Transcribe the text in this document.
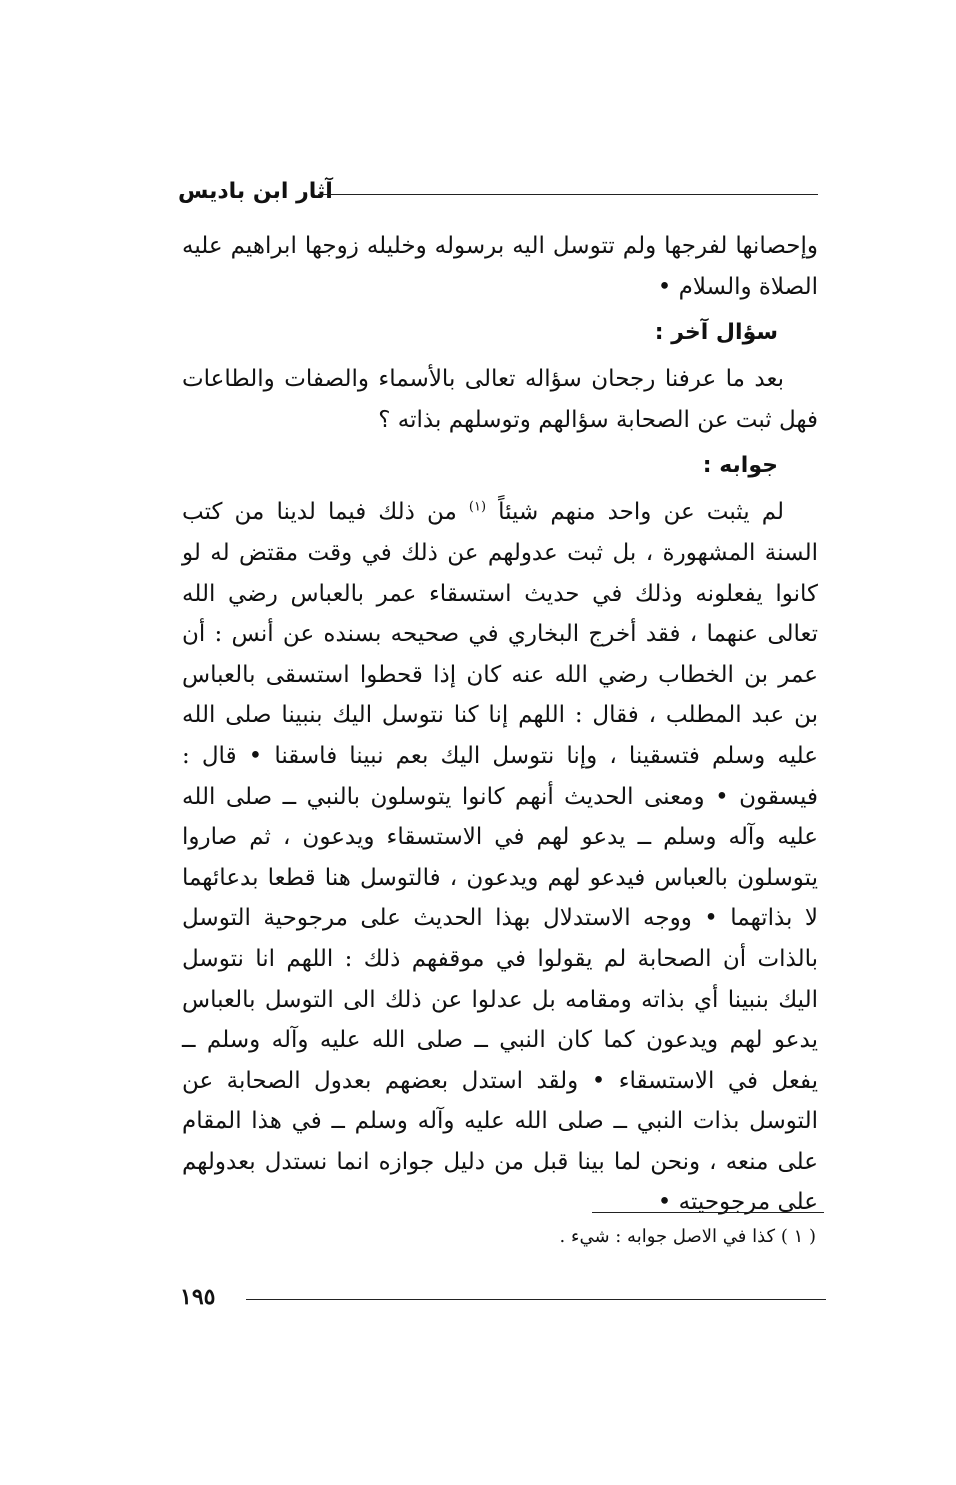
آثار ابن باديس

وإحصانها لفرجها ولم تتوسل اليه برسوله وخليله زوجها ابراهيم عليه الصلاة والسلام •

سؤال آخر :

بعد ما عرفنا رجحان سؤاله تعالى بالأسماء والصفات والطاعات فهل ثبت عن الصحابة سؤالهم وتوسلهم بذاته ؟

جوابه :

لم يثبت عن واحد منهم شيئاً $^{(١)}$ من ذلك فيما لدينا من كتب السنة المشهورة ، بل ثبت عدولهم عن ذلك في وقت مقتض له لو كانوا يفعلونه وذلك في حديث استسقاء عمر بالعباس رضي الله تعالى عنهما ، فقد أخرج البخاري في صحيحه بسنده عن أنس : أن عمر بن الخطاب رضي الله عنه كان إذا قحطوا استسقى بالعباس بن عبد المطلب ، فقال : اللهم إنا كنا نتوسل اليك بنبينا صلى الله عليه وسلم فتسقينا ، وإنا نتوسل اليك بعم نبينا فاسقنا • قال : فيسقون • ومعنى الحديث أنهم كانوا يتوسلون بالنبي ــ صلى الله عليه وآله وسلم ــ يدعو لهم في الاستسقاء ويدعون ، ثم صاروا يتوسلون بالعباس فيدعو لهم ويدعون ، فالتوسل هنا قطعا بدعائهما لا بذاتهما • ووجه الاستدلال بهذا الحديث على مرجوحية التوسل بالذات أن الصحابة لم يقولوا في موقفهم ذلك : اللهم انا نتوسل اليك بنبينا أي بذاته ومقامه بل عدلوا عن ذلك الى التوسل بالعباس يدعو لهم ويدعون كما كان النبي ــ صلى الله عليه وآله وسلم ــ يفعل في الاستسقاء • ولقد استدل بعضهم بعدول الصحابة عن التوسل بذات النبي ــ صلى الله عليه وآله وسلم ــ في هذا المقام على منعه ، ونحن لما بينا قبل من دليل جوازه انما نستدل بعدولهم على مرجوحيته •

( ١ ) كذا في الاصل جوابه : شيء .
١٩٥
